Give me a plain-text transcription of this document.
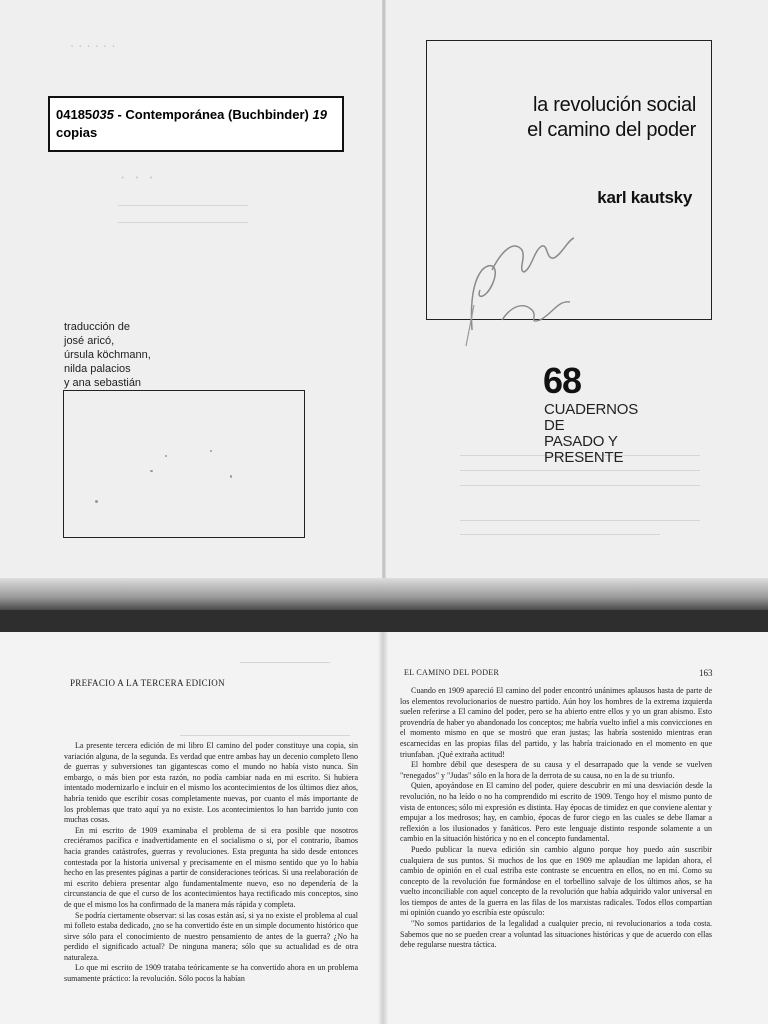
· · · · · ·
· · ·
04185035 - Contemporánea (Buchbinder) 19
copias
traducción de
josé aricó,
úrsula köchmann,
nilda palacios
y ana sebastián
la revolución social
el camino del poder
karl kautsky
68
CUADERNOS
DE
PASADO Y
PRESENTE
PREFACIO A LA TERCERA EDICION

La presente tercera edición de mi libro El camino del poder constituye una copia, sin variación alguna, de la segunda. Es verdad que entre ambas hay un decenio completo lleno de guerras y subversiones tan gigantescas como el mundo no había visto nunca. Sin embargo, o más bien por esta razón, no podía cambiar nada en mi escrito. Si hubiera intentado modernizarlo e incluir en el mismo los acontecimientos de los últimos diez años, habría tenido que escribir cosas completamente nuevas, por cuanto el más importante de los problemas que trato aquí ya no existe. Los acontecimientos lo han barrido junto con muchas cosas.

En mi escrito de 1909 examinaba el problema de si era posible que nosotros creciéramos pacífica e inadvertidamente en el socialismo o si, por el contrario, íbamos hacia grandes catástrofes, guerras y revoluciones. Esta pregunta ha sido desde entonces contestada por la historia universal y precisamente en el mismo sentido que yo lo había hecho en las presentes páginas a partir de consideraciones teóricas. Si una reelaboración de mi escrito debiera presentar algo fundamentalmente nuevo, eso no dependería de la circunstancia de que el curso de los acontecimientos haya rectificado mis conceptos, sino de que el mismo los ha confirmado de la manera más rápida y completa.

Se podría ciertamente observar: si las cosas están así, si ya no existe el problema al cual mi folleto estaba dedicado, ¿no se ha convertido éste en un simple documento histórico que sirve sólo para el conocimiento de nuestro pensamiento de antes de la guerra? ¿No ha perdido el significado actual? De ninguna manera; sólo que su actualidad es de otra naturaleza.

Lo que mi escrito de 1909 trataba teóricamente se ha convertido ahora en un problema sumamente práctico: la revolución. Sólo pocos la habían

EL CAMINO DEL PODER	163

Cuando en 1909 apareció El camino del poder encontró unánimes aplausos hasta de parte de los elementos revolucionarios de nuestro partido. Aún hoy los hombres de la extrema izquierda suelen referirse a El camino del poder, pero se ha abierto entre ellos y yo un gran abismo. Esto provendría de haber yo abandonado los conceptos; me habría vuelto infiel a mis convicciones en el momento mismo en que se mostró que eran justas; las habría sostenido mientras eran escarnecidas en las propias filas del partido, y las habría traicionado en el momento en que triunfaban. ¡Qué extraña actitud!

El hombre débil que desespera de su causa y el desarrapado que la vende se vuelven "renegados" y "Judas" sólo en la hora de la derrota de su causa, no en la de su triunfo.

Quien, apoyándose en El camino del poder, quiere descubrir en mí una desviación desde la revolución, no ha leído o no ha comprendido mi escrito de 1909. Tengo hoy el mismo punto de vista de entonces; sólo mi expresión es distinta. Hay épocas de timidez en que conviene alentar y empujar a los medrosos; hay, en cambio, épocas de furor ciego en las cuales se debe llamar a reflexión a los ilusionados y fanáticos. Pero este lenguaje distinto responde solamente a un cambio en la situación histórica y no en el concepto fundamental.

Puedo publicar la nueva edición sin cambio alguno porque hoy puedo aún suscribir cualquiera de sus puntos. Si muchos de los que en 1909 me aplaudían me lapidan ahora, el cambio de opinión en el cual estriba este contraste se encuentra en ellos, no en mí. Como su concepto de la revolución fue formándose en el torbellino salvaje de los últimos años, se ha vuelto inconciliable con aquel concepto de la revolución que había adquirido valor universal en los tiempos de antes de la guerra en las filas de los marxistas radicales. Todos ellos compartían mi opinión cuando yo escribía este opúsculo:

"No somos partidarios de la legalidad a cualquier precio, ni revolucionarios a toda costa. Sabemos que no se pueden crear a voluntad las situaciones históricas y que de acuerdo con ellas debe regularse nuestra táctica.
